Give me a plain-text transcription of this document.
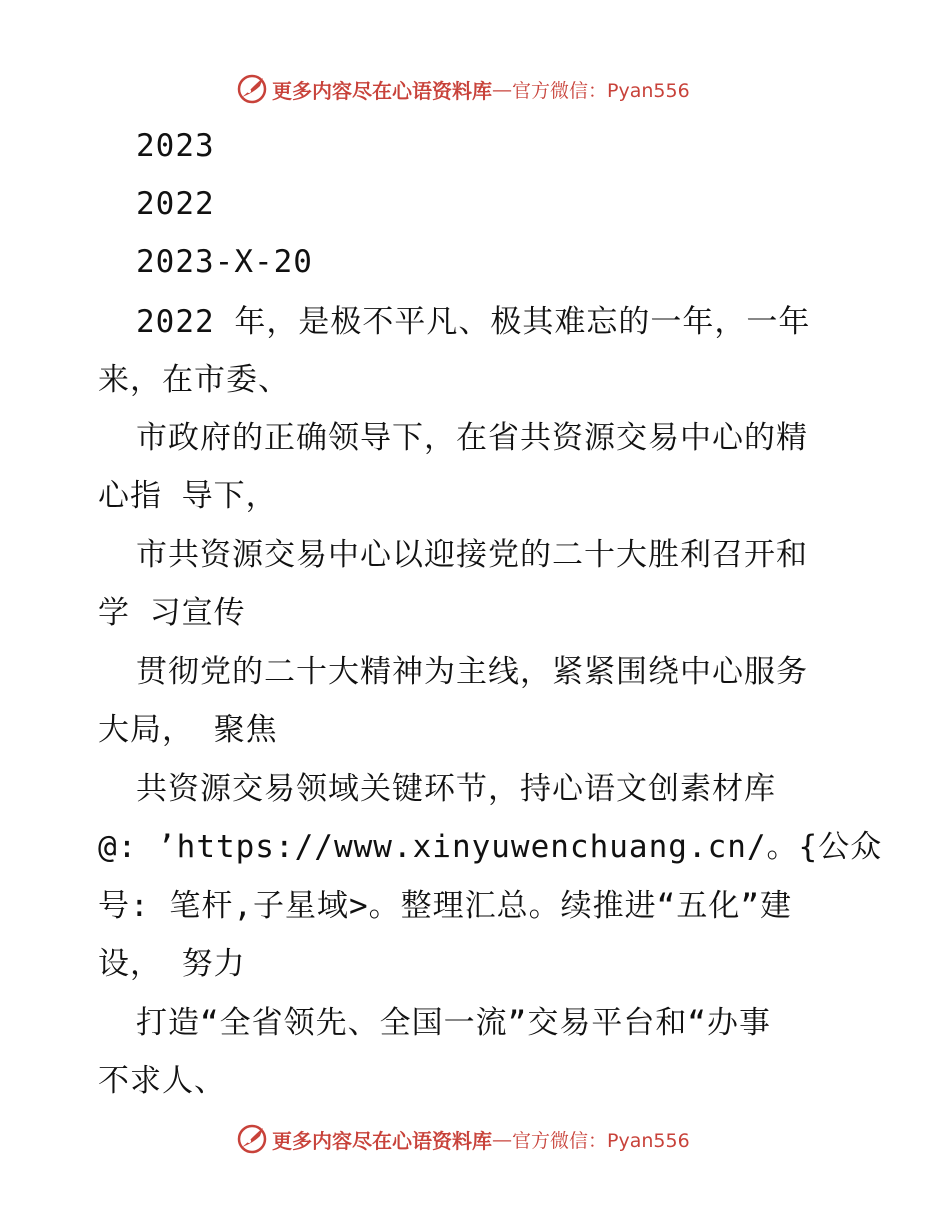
更多内容尽在心语资料库 — 官方微信：Pyan556
2023
2022
2023-X-20
2022 年，是极不平凡、极其难忘的一年，一年
来，在市委、
市政府的正确领导下，在省共资源交易中心的精
心指 导下，
市共资源交易中心以迎接党的二十大胜利召开和
学 习宣传
贯彻党的二十大精神为主线，紧紧围绕中心服务
大局， 聚焦
共资源交易领域关键环节，持心语文创素材库
@: ’https://www.xinyuwenchuang.cn/。{公众
号: 笔杆,子星域>。整理汇总。续推进“五化”建
设， 努力
打造“全省领先、全国一流”交易平台和“办事
不求人、
更多内容尽在心语资料库 — 官方微信：Pyan556
